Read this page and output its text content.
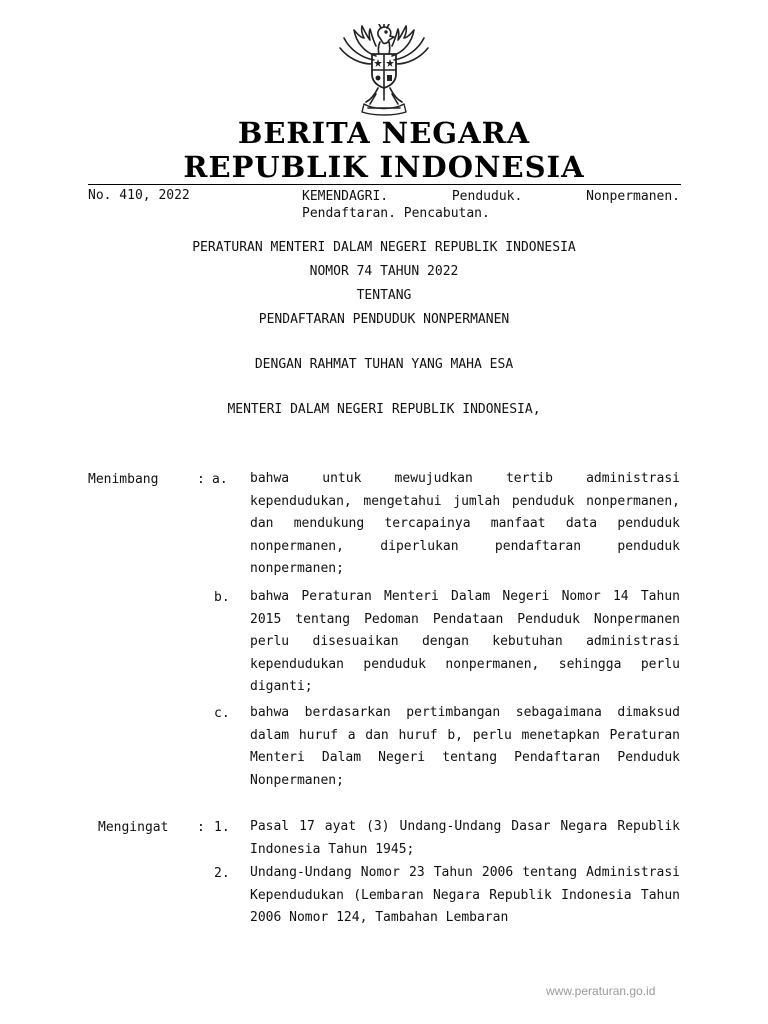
BERITA NEGARA
REPUBLIK INDONESIA
No. 410, 2022	KEMENDAGRI.	Penduduk.	Nonpermanen.
Pendaftaran. Pencabutan.
PERATURAN MENTERI DALAM NEGERI REPUBLIK INDONESIA
NOMOR 74 TAHUN 2022
TENTANG
PENDAFTARAN PENDUDUK NONPERMANEN
DENGAN RAHMAT TUHAN YANG MAHA ESA
MENTERI DALAM NEGERI REPUBLIK INDONESIA,
Menimbang	: a. bahwa untuk mewujudkan tertib administrasi kependudukan, mengetahui jumlah penduduk nonpermanen, dan mendukung tercapainya manfaat data penduduk nonpermanen, diperlukan pendaftaran penduduk nonpermanen;
b. bahwa Peraturan Menteri Dalam Negeri Nomor 14 Tahun 2015 tentang Pedoman Pendataan Penduduk Nonpermanen perlu disesuaikan dengan kebutuhan administrasi kependudukan penduduk nonpermanen, sehingga perlu diganti;
c. bahwa berdasarkan pertimbangan sebagaimana dimaksud dalam huruf a dan huruf b, perlu menetapkan Peraturan Menteri Dalam Negeri tentang Pendaftaran Penduduk Nonpermanen;
Mengingat : 1. Pasal 17 ayat (3) Undang-Undang Dasar Negara Republik Indonesia Tahun 1945;
2. Undang-Undang Nomor 23 Tahun 2006 tentang Administrasi Kependudukan (Lembaran Negara Republik Indonesia Tahun 2006 Nomor 124, Tambahan Lembaran
www.peraturan.go.id
